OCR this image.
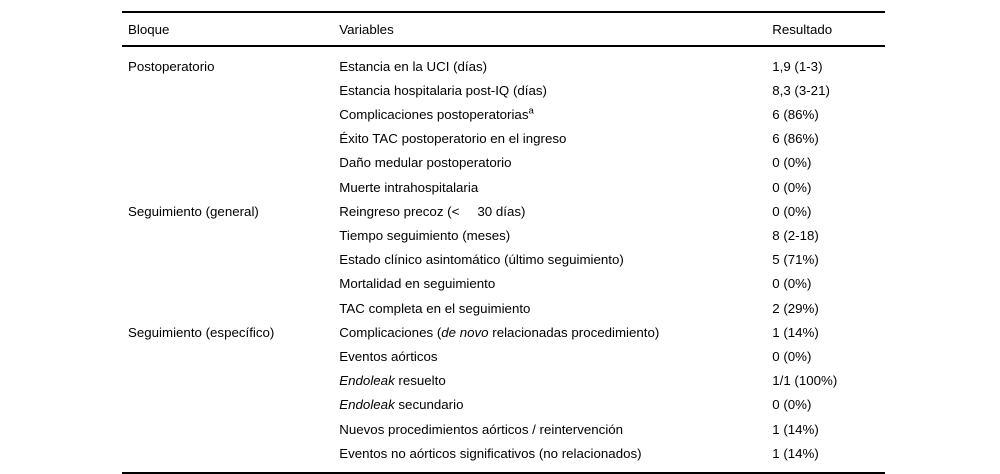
Bloque	Variables	Resultado
Postoperatorio	Estancia en la UCI (días)	1,9 (1-3)
	Estancia hospitalaria post-IQ (días)	8,3 (3-21)
	Complicaciones postoperatorias$^a$	6 (86%)
	Éxito TAC postoperatorio en el ingreso	6 (86%)
	Daño medular postoperatorio	0 (0%)
	Muerte intrahospitalaria	0 (0%)
Seguimiento (general)	Reingreso precoz (< 30 días)	0 (0%)
	Tiempo seguimiento (meses)	8 (2-18)
	Estado clínico asintomático (último seguimiento)	5 (71%)
	Mortalidad en seguimiento	0 (0%)
	TAC completa en el seguimiento	2 (29%)
Seguimiento (específico)	Complicaciones (de novo relacionadas procedimiento)	1 (14%)
	Eventos aórticos	0 (0%)
	Endoleak resuelto	1/1 (100%)
	Endoleak secundario	0 (0%)
	Nuevos procedimientos aórticos / reintervención	1 (14%)
	Eventos no aórticos significativos (no relacionados)	1 (14%)
